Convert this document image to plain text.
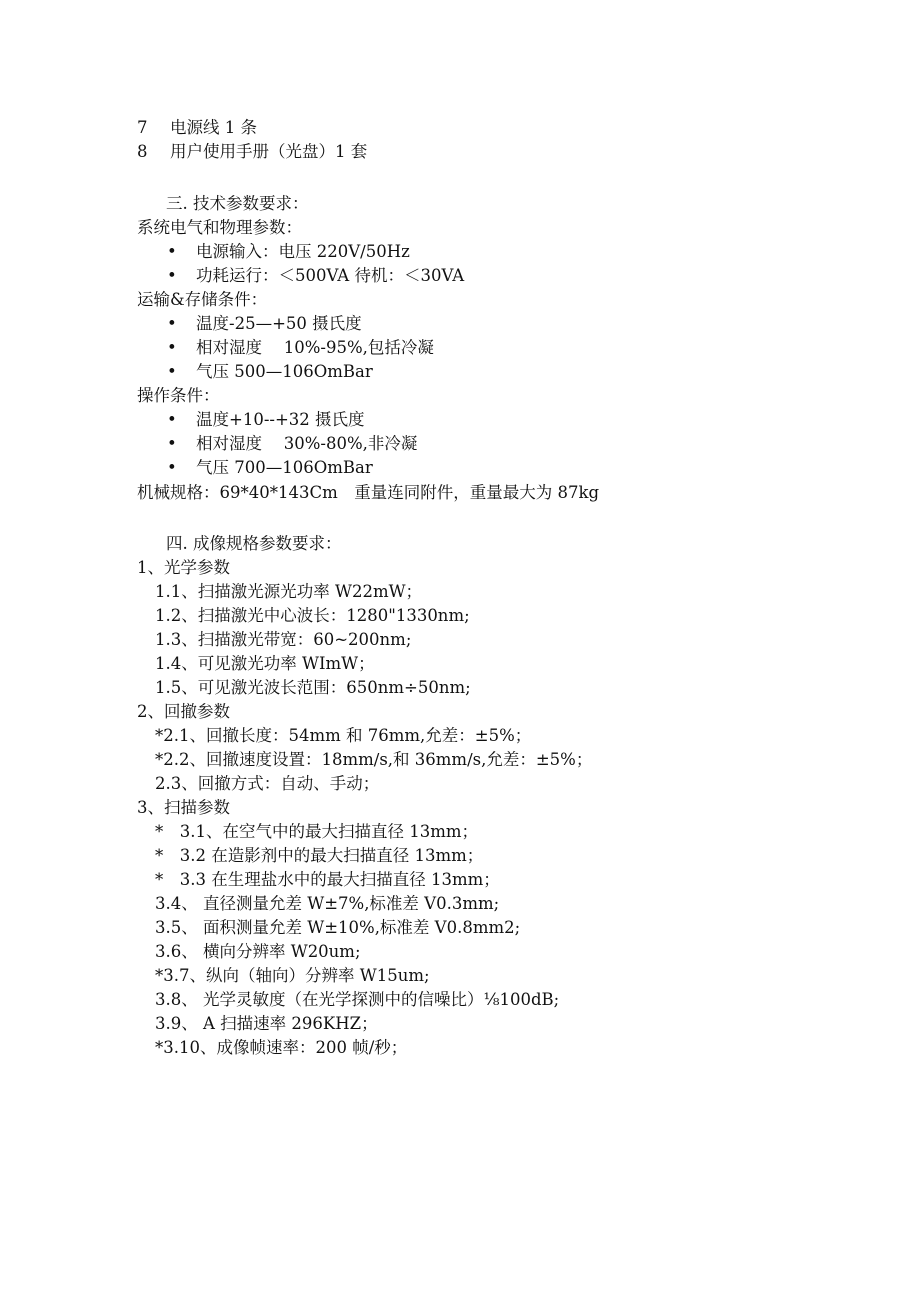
7 电源线 1 条
8 用户使用手册（光盘）1 套
三. 技术参数要求：
系统电气和物理参数：
• 电源输入：电压 220V∕50Hz
• 功耗运行：＜500VA 待机：＜30VA
运输&存储条件：
• 温度-25—+50 摄氏度
• 相对湿度　 10%-95%,包括冷凝
• 气压 500—106OmBar
操作条件：
• 温度+10--+32 摄氏度
• 相对湿度　 30%-80%,非冷凝
• 气压 700—106OmBar
机械规格：69*40*143Cm　重量连同附件，重量最大为 87kg
四. 成像规格参数要求：
1、光学参数
1.1、扫描激光源光功率 W22mW；
1.2、扫描激光中心波长：1280"1330nm;
1.3、扫描激光带宽：60~200nm;
1.4、可见激光功率 WImW；
1.5、可见激光波长范围：650nm÷50nm;
2、回撤参数
*2.1、回撤长度：54mm 和 76mm,允差：±5%；
*2.2、回撤速度设置：18mm∕s,和 36mm∕s,允差：±5%；
2.3、回撤方式：自动、手动；
3、扫描参数
*　3.1、在空气中的最大扫描直径 13mm；
*　3.2 在造影剂中的最大扫描直径 13mm；
*　3.3 在生理盐水中的最大扫描直径 13mm；
3.4、 直径测量允差 W±7%,标准差 V0.3mm;
3.5、 面积测量允差 W±10%,标准差 V0.8mm2;
3.6、 横向分辨率 W20um;
*3.7、纵向（轴向）分辨率 W15um;
3.8、 光学灵敏度（在光学探测中的信噪比）⅛100dB;
3.9、 A 扫描速率 296KHZ；
*3.10、成像帧速率：200 帧/秒；
